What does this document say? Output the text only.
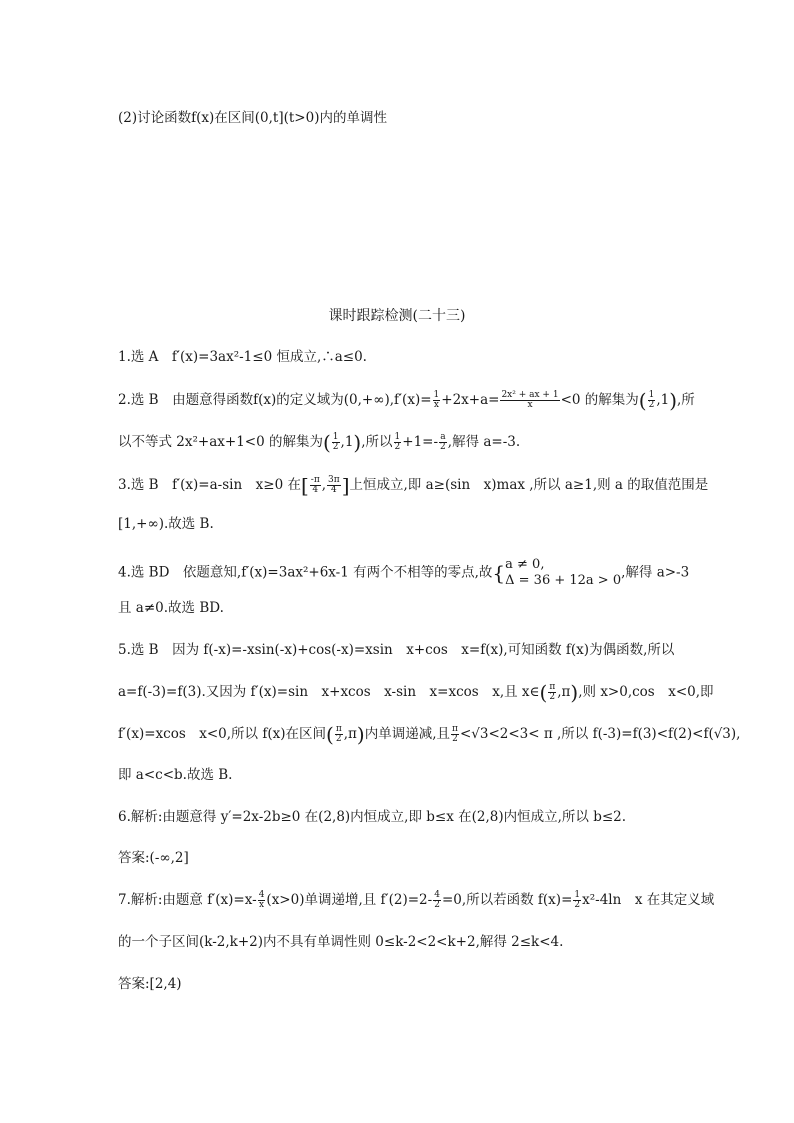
(2)讨论函数f(x)在区间(0,t](t>0)内的单调性
课时跟踪检测(二十三)
1.选 A　f′(x)=3ax²-1≤0 恒成立,∴a≤0.
2.选 B　由题意得函数f(x)的定义域为$(0,+\infty),f'(x)= \frac{1}{x} +2x+a= \frac{\text{2x² + ax + 1}}{x} <0$ 的解集为( $\frac{1}{2} ,1$),所
以不等式 2x²+ax+1<0 的解集为( $\frac{1}{2} ,1$),所以 $\frac{1}{2} +1=- \frac{a}{2}$ ,解得 a=-3.
3.选 B　f′(x)=a-sin　x≥0 在[ $\frac{-\pi}{4}$ , $\frac{3\pi}{4}$ ]上恒成立,即 a≥(sin　x)max ,所以 a≥1,则 a 的取值范围是
[1,+∞).故选 B.
4.选 BD　依题意知,f′(x)=3ax²+6x-1 有两个不相等的零点,故{ a ≠ 0,
Δ = 36 + 12a > 0 ,解得 a>-3
且 a≠0.故选 BD.
5.选 B　因为 f(-x)=-xsin(-x)+cos(-x)=xsin　x+cos　x=f(x),可知函数 f(x)为偶函数,所以
a=f(-3)=f(3).又因为 f′(x)=sin　x+xcos　x-sin　x=xcos　x,且 x∈( $\frac{\pi}{2} ,\pi$),则 x>0,cos　x<0,即
f′(x)=xcos　x<0,所以 f(x)在区间( $\frac{\pi}{2} ,\pi$)内单调递减,且 $\frac{\pi}{2} <√3<2<3< \pi$ ,所以 f(-3)=f(3)<f(2)<f(√3),
即 a<c<b.故选 B.
6.解析:由题意得 y′=2x-2b≥0 在(2,8)内恒成立,即 b≤x 在(2,8)内恒成立,所以 b≤2.
答案:(-∞,2]
7.解析:由题意 $f'(x)=x- \frac{4}{x} (x>0)$单调递增,且 $f'(2)=2- \frac{4}{2} =0$,所以若函数 $f(x)= \frac{1}{2} x^2-4\ln$　x 在其定义域
的一个子区间(k-2,k+2)内不具有单调性则 0≤k-2<2<k+2,解得 2≤k<4.
答案:[2,4)
